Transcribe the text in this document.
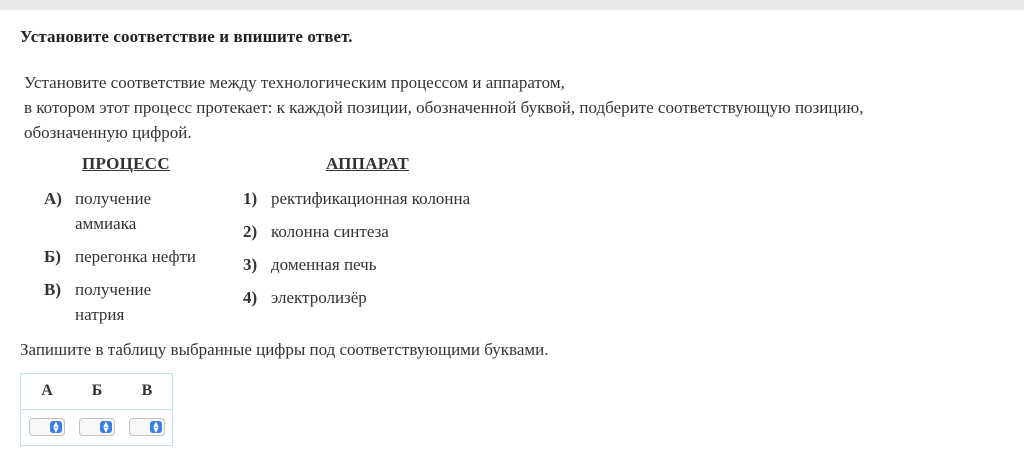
Установите соответствие и впишите ответ.
Установите соответствие между технологическим процессом и аппаратом,
в котором этот процесс протекает: к каждой позиции, обозначенной буквой, подберите соответствующую позицию,
обозначенную цифрой.
ПРОЦЕСС	АППАРАТ
А) получение
аммиака
Б) перегонка нефти
В) получение
натрия
1) ректификационная колонна
2) колонна синтеза
3) доменная печь
4) электролизёр
Запишите в таблицу выбранные цифры под соответствующими буквами.
А	Б	В
▲
▼
▲
▼
▲
▼
